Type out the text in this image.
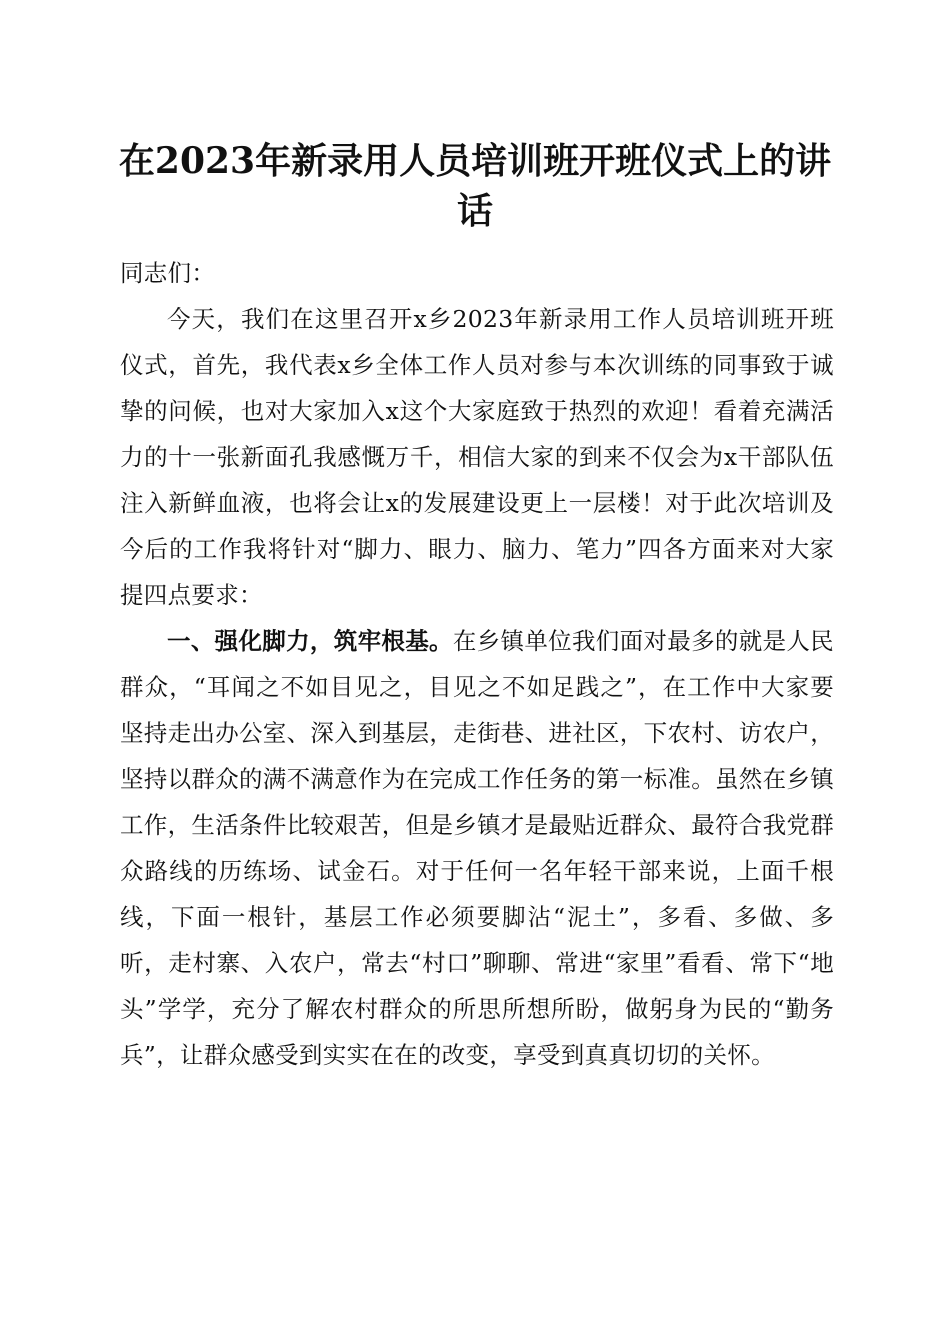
在2023年新录用人员培训班开班仪式上的讲话

同志们：

今天，我们在这里召开x乡2023年新录用工作人员培训班开班仪式，首先，我代表x乡全体工作人员对参与本次训练的同事致于诚挚的问候，也对大家加入x这个大家庭致于热烈的欢迎！看着充满活力的十一张新面孔我感慨万千，相信大家的到来不仅会为x干部队伍注入新鲜血液，也将会让x的发展建设更上一层楼！对于此次培训及今后的工作我将针对“脚力、眼力、脑力、笔力”四各方面来对大家提四点要求：

一、强化脚力，筑牢根基。在乡镇单位我们面对最多的就是人民群众，“耳闻之不如目见之，目见之不如足践之”，在工作中大家要坚持走出办公室、深入到基层，走街巷、进社区，下农村、访农户，坚持以群众的满不满意作为在完成工作任务的第一标准。虽然在乡镇工作，生活条件比较艰苦，但是乡镇才是最贴近群众、最符合我党群众路线的历练场、试金石。对于任何一名年轻干部来说，上面千根线，下面一根针，基层工作必须要脚沾“泥土”，多看、多做、多听，走村寨、入农户，常去“村口”聊聊、常进“家里”看看、常下“地头”学学，充分了解农村群众的所思所想所盼，做躬身为民的“勤务兵”，让群众感受到实实在在的改变，享受到真真切切的关怀。
